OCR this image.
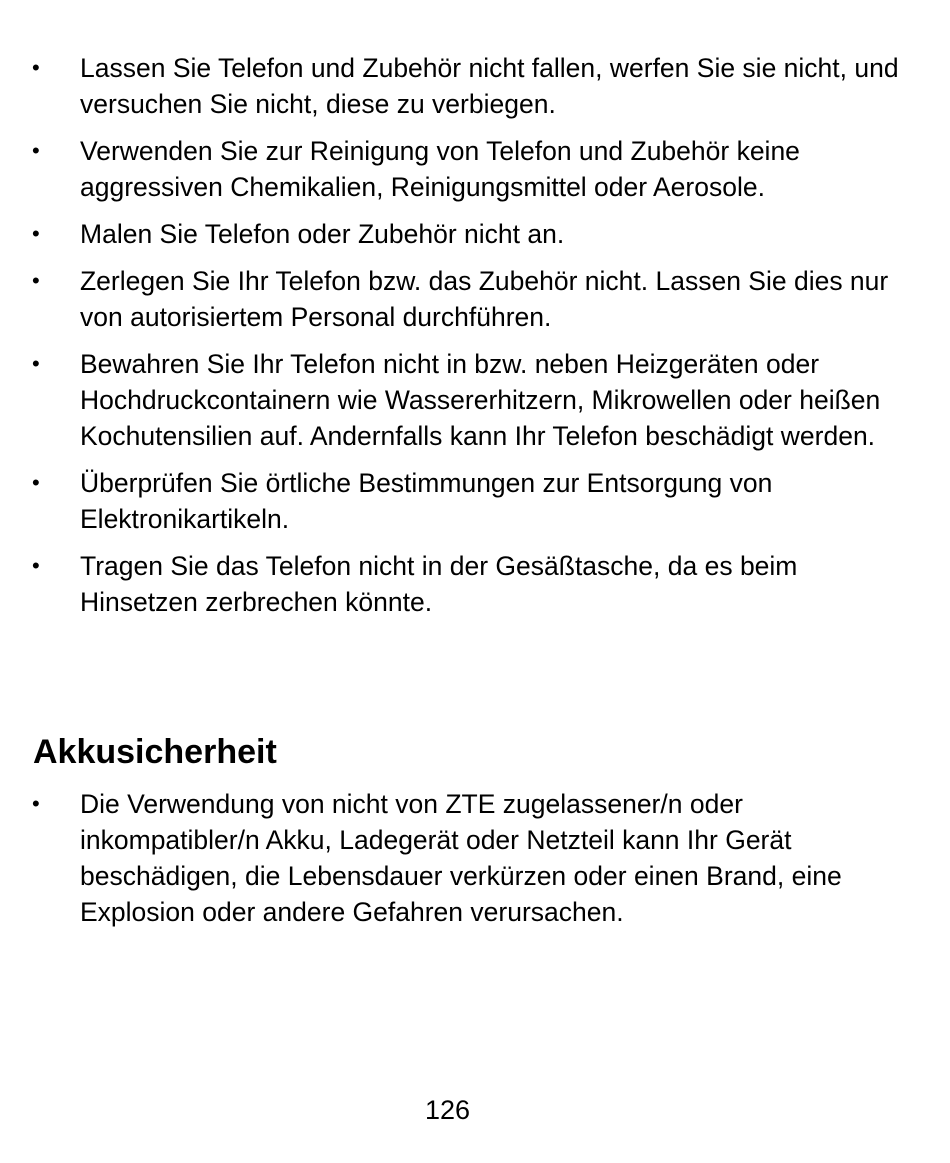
•	Lassen Sie Telefon und Zubehör nicht fallen, werfen Sie sie nicht, und versuchen Sie nicht, diese zu verbiegen.
•	Verwenden Sie zur Reinigung von Telefon und Zubehör keine aggressiven Chemikalien, Reinigungsmittel oder Aerosole.
•	Malen Sie Telefon oder Zubehör nicht an.
•	Zerlegen Sie Ihr Telefon bzw. das Zubehör nicht. Lassen Sie dies nur von autorisiertem Personal durchführen.
•	Bewahren Sie Ihr Telefon nicht in bzw. neben Heizgeräten oder Hochdruckcontainern wie Wassererhitzern, Mikrowellen oder heißen Kochutensilien auf. Andernfalls kann Ihr Telefon beschädigt werden.
•	Überprüfen Sie örtliche Bestimmungen zur Entsorgung von Elektronikartikeln.
•	Tragen Sie das Telefon nicht in der Gesäßtasche, da es beim Hinsetzen zerbrechen könnte.
Akkusicherheit
•	Die Verwendung von nicht von ZTE zugelassener/n oder inkompatibler/n Akku, Ladegerät oder Netzteil kann Ihr Gerät beschädigen, die Lebensdauer verkürzen oder einen Brand, eine Explosion oder andere Gefahren verursachen.
126
